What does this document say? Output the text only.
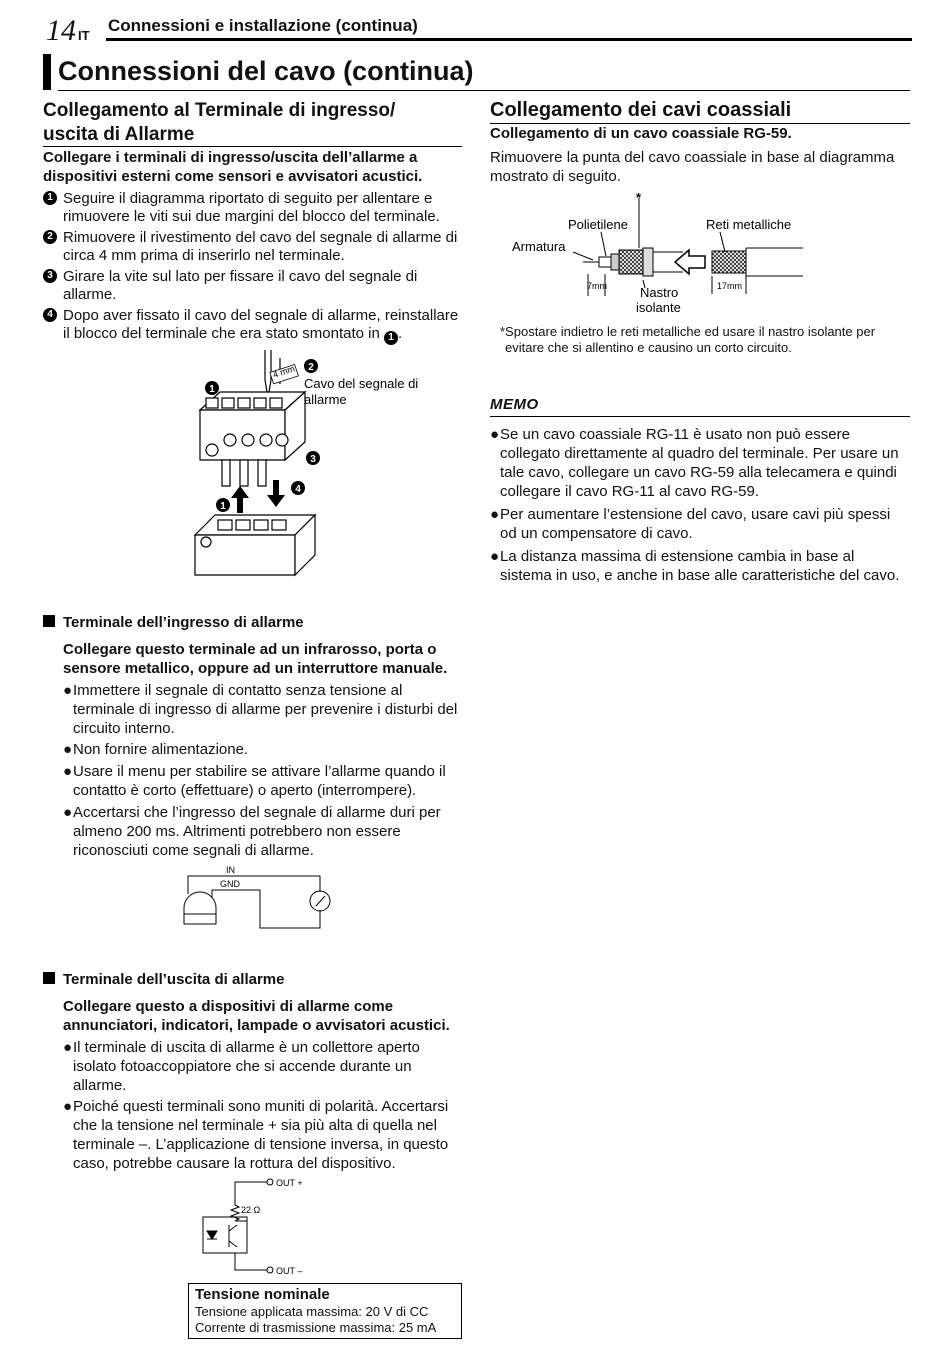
14 IT
Connessioni e installazione (continua)
Connessioni del cavo (continua)
Collegamento al Terminale di ingresso/
uscita di Allarme
Collegare i terminali di ingresso/uscita dell’allarme a
dispositivi esterni come sensori e avvisatori acustici.
1 Seguire il diagramma riportato di seguito per allentare e
rimuovere le viti sui due margini del blocco del terminale.
2 Rimuovere il rivestimento del cavo del segnale di allarme di
circa 4 mm prima di inserirlo nel terminale.
3 Girare la vite sul lato per fissare il cavo del segnale di
allarme.
4 Dopo aver fissato il cavo del segnale di allarme, reinstallare
il blocco del terminale che era stato smontato in 1 .
4 mm
1
2
3
1
4
Cavo del segnale di
allarme
Terminale dell’ingresso di allarme
Collegare questo terminale ad un infrarosso, porta o
sensore metallico, oppure ad un interruttore manuale.
● Immettere il segnale di contatto senza tensione al
terminale di ingresso di allarme per prevenire i disturbi del
circuito interno.
● Non fornire alimentazione.
● Usare il menu per stabilire se attivare l’allarme quando il
contatto è corto (effettuare) o aperto (interrompere).
● Accertarsi che l’ingresso del segnale di allarme duri per
almeno 200 ms. Altrimenti potrebbero non essere
riconosciuti come segnali di allarme.
IN
GND
Terminale dell’uscita di allarme
Collegare questo a dispositivi di allarme come
annunciatori, indicatori, lampade o avvisatori acustici.
● Il terminale di uscita di allarme è un collettore aperto
isolato fotoaccoppiatore che si accende durante un
allarme.
● Poiché questi terminali sono muniti di polarità. Accertarsi
che la tensione nel terminale + sia più alta di quella nel
terminale –. L’applicazione di tensione inversa, in questo
caso, potrebbe causare la rottura del dispositivo.
OUT +
22 Ω
OUT –
Tensione nominale
Tensione applicata massima: 20 V di CC
Corrente di trasmissione massima: 25 mA
Collegamento dei cavi coassiali
Collegamento di un cavo coassiale RG-59.
Rimuovere la punta del cavo coassiale in base al diagramma
mostrato di seguito.
*
Polietilene	Reti metalliche
Armatura
Nastro
isolante
7mm	17mm
*Spostare indietro le reti metalliche ed usare il nastro isolante per
evitare che si allentino e causino un corto circuito.
MEMO
● Se un cavo coassiale RG-11 è usato non può essere
collegato direttamente al quadro del terminale. Per usare un
tale cavo, collegare un cavo RG-59 alla telecamera e quindi
collegare il cavo RG-11 al cavo RG-59.
● Per aumentare l’estensione del cavo, usare cavi più spessi
od un compensatore di cavo.
● La distanza massima di estensione cambia in base al
sistema in uso, e anche in base alle caratteristiche del cavo.
